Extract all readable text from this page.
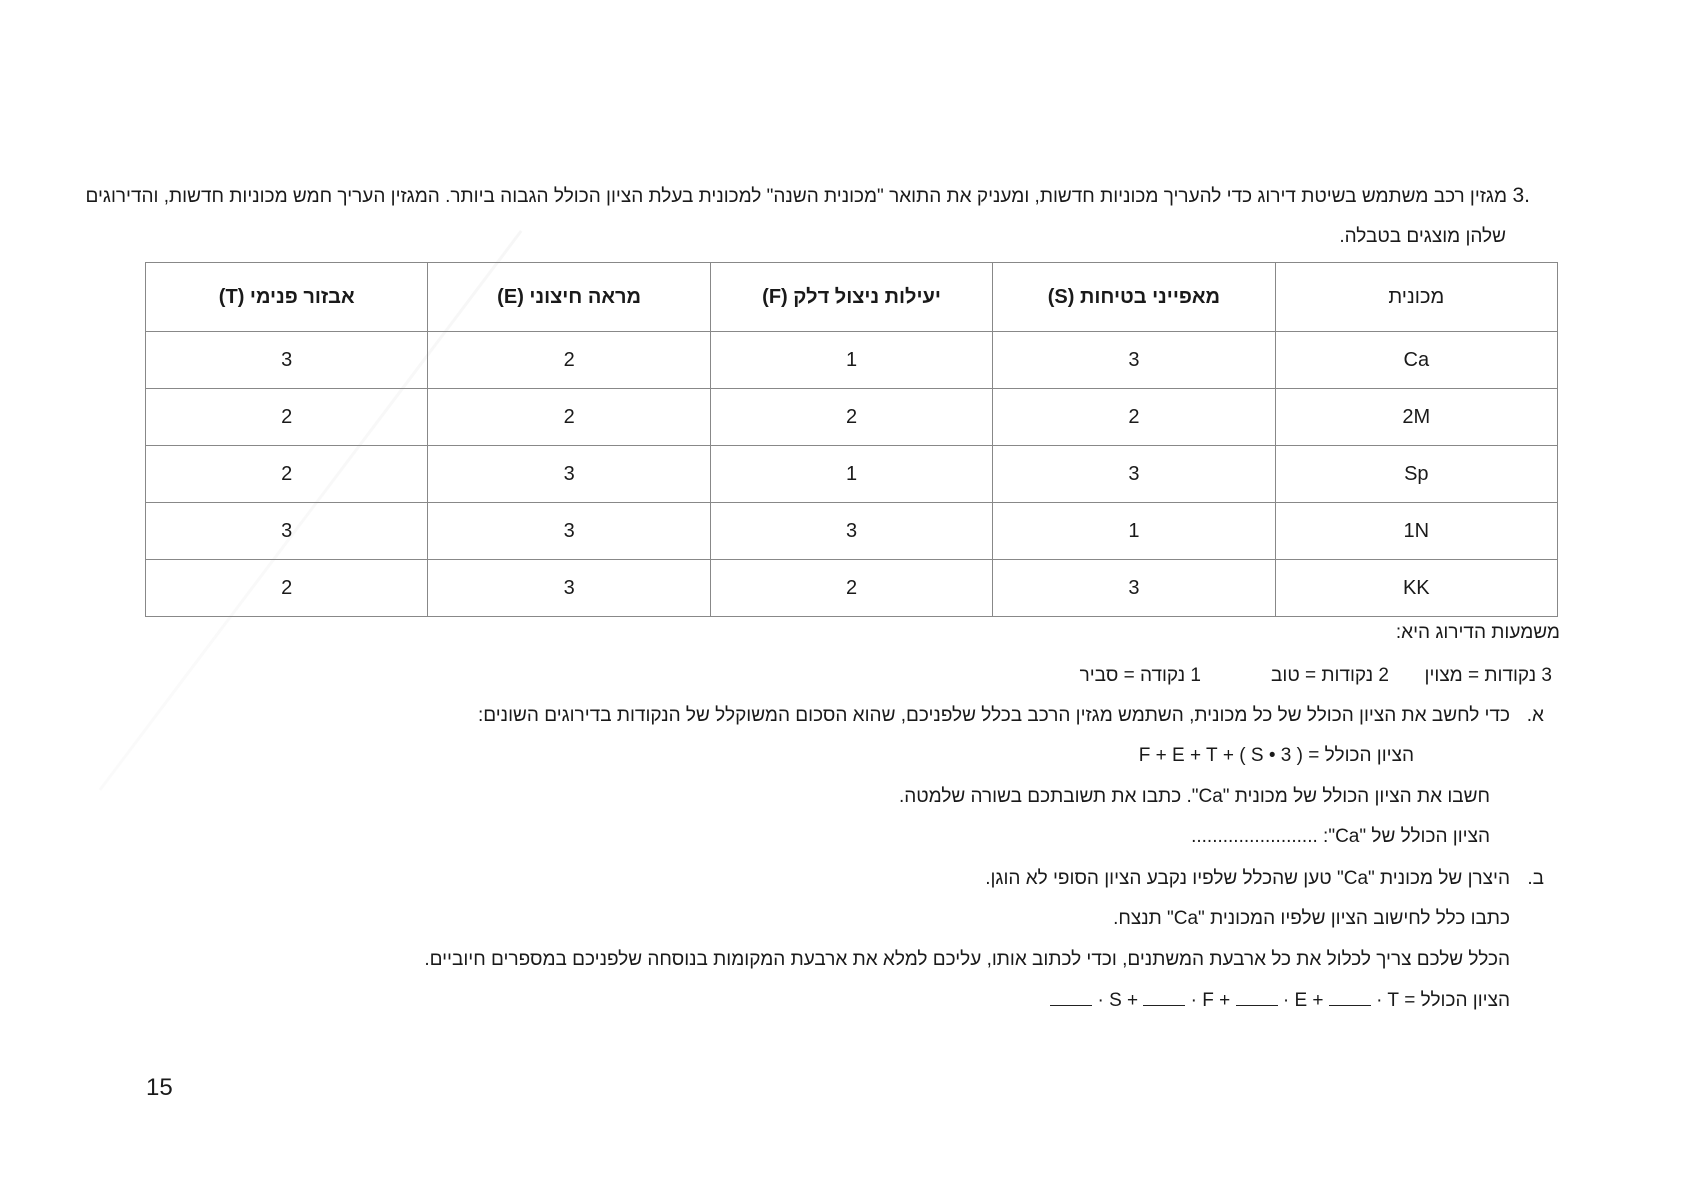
3.
מגזין רכב משתמש בשיטת דירוג כדי להעריך מכוניות חדשות, ומעניק את התואר "מכונית השנה" למכונית בעלת הציון הכולל הגבוה ביותר. המגזין העריך חמש מכוניות חדשות, והדירוגים
שלהן מוצגים בטבלה.
מכונית	מאפייני בטיחות (S)	יעילות ניצול דלק (F)	מראה חיצוני (E)	אבזור פנימי (T)
Ca	3	1	2	3
2M	2	2	2	2
Sp	3	1	3	2
1N	1	3	3	3
KK	3	2	3	2
משמעות הדירוג היא:
3 נקודות = מצוין
2 נקודות = טוב
1 נקודה = סביר
א.
כדי לחשב את הציון הכולל של כל מכונית, השתמש מגזין הרכב בכלל שלפניכם, שהוא הסכום המשוקלל של הנקודות בדירוגים השונים:
הציון הכולל = ( 3 • S ) + F + E + T
חשבו את הציון הכולל של מכונית "Ca". כתבו את תשובתכם בשורה שלמטה.
הציון הכולל של "Ca": ........................
ב.
היצרן של מכונית "Ca" טען שהכלל שלפיו נקבע הציון הסופי לא הוגן.
כתבו כלל לחישוב הציון שלפיו המכונית "Ca" תנצח.
הכלל שלכם צריך לכלול את כל ארבעת המשתנים, וכדי לכתוב אותו, עליכם למלא את ארבעת המקומות בנוסחה שלפניכם במספרים חיוביים.
הציון הכולל =  · S +  · F +  · E +  · T
15
